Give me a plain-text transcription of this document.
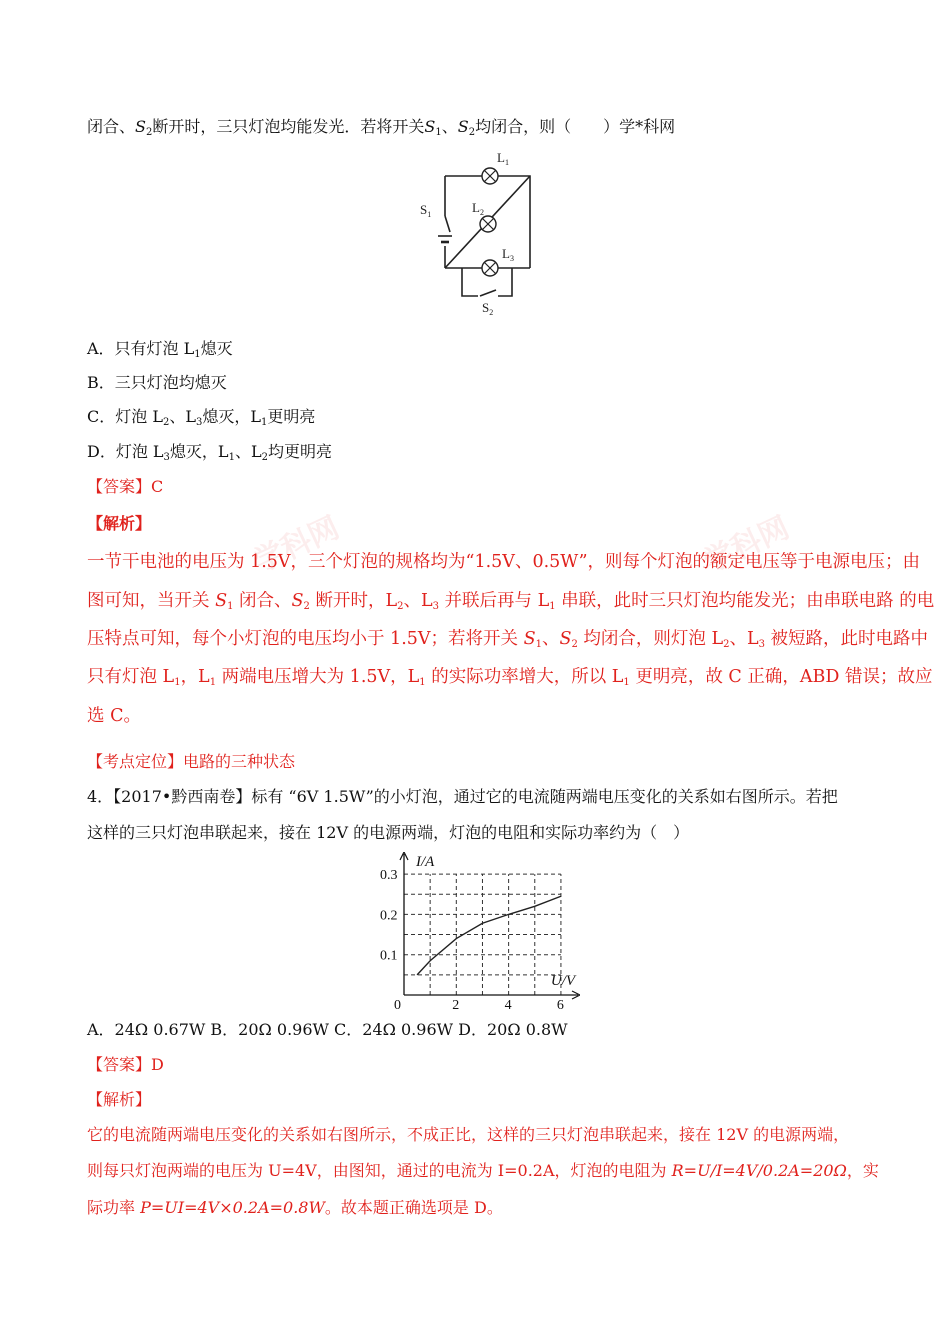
学科网	学科网
闭合、$S_2$断开时，三只灯泡均能发光．若将开关$S_1$、$S_2$均闭合，则（　　）学*科网
$L_1$
$L_2$
$L_3$
$S_1$
$S_2$
A．只有灯泡 $L_1$熄灭
B．三只灯泡均熄灭
C．灯泡 $L_2$、$L_3$熄灭，$L_1$更明亮
D．灯泡 $L_3$熄灭，$L_1$、$L_2$均更明亮
【答案】C
【解析】
一节干电池的电压为 1.5V，三个灯泡的规格均为“1.5V、0.5W”，则每个灯泡的额定电压等于电源电压；由
图可知，当开关 $S_1$ 闭合、$S_2$ 断开时，$L_2$、$L_3$ 并联后再与 $L_1$ 串联，此时三只灯泡均能发光；由串联电路 的电
压特点可知，每个小灯泡的电压均小于 1.5V；若将开关 $S_1$、$S_2$ 均闭合，则灯泡 $L_2$、$L_3$ 被短路，此时电路中
只有灯泡 $L_1$，$L_1$ 两端电压增大为 1.5V，$L_1$ 的实际功率增大，所以 $L_1$ 更明亮，故 C 正确，ABD 错误；故应
选 C。
【考点定位】电路的三种状态
4．【2017•黔西南卷】标有 “6V 1.5W”的小灯泡，通过它的电流随两端电压变化的关系如右图所示。若把
这样的三只灯泡串联起来，接在 12V 的电源两端，灯泡的电阻和实际功率约为（　）
0	2	4	6
0.1
0.2
0.3
I/A
U/V
A．24Ω 0.67W B．20Ω 0.96W C．24Ω 0.96W D．20Ω 0.8W
【答案】D
【解析】
它的电流随两端电压变化的关系如右图所示，不成正比，这样的三只灯泡串联起来，接在 12V 的电源两端，
则每只灯泡两端的电压为 U=4V，由图知，通过的电流为 I=0.2A，灯泡的电阻为 R=U/I=4V/0.2A=20Ω，实
际功率 P=UI=4V×0.2A=0.8W。故本题正确选项是 D。
